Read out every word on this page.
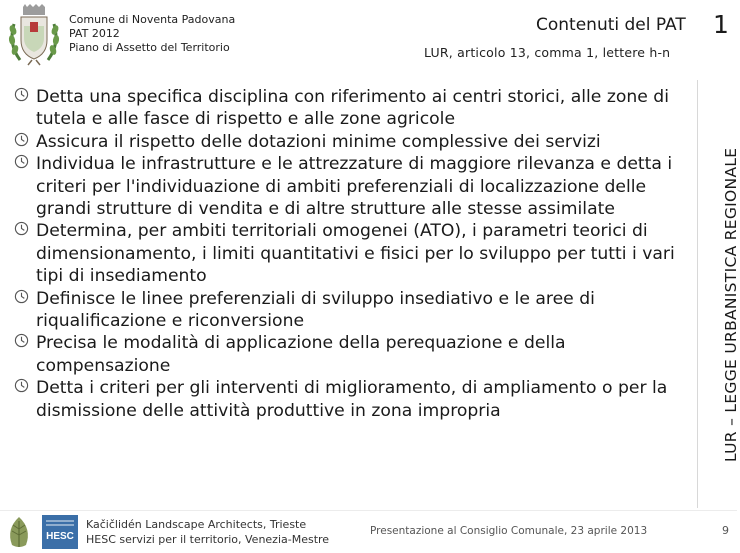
Comune di Noventa Padovana
PAT 2012
Piano di Assetto del Territorio
Contenuti del PAT 1
LUR, articolo 13, comma 1, lettere h-n
LUR – LEGGE URBANISTICA REGIONALE
Detta una specifica disciplina con riferimento ai centri storici, alle zone di tutela e alle fasce di rispetto e alle zone agricole
Assicura il rispetto delle dotazioni minime complessive dei servizi
Individua le infrastrutture e le attrezzature di maggiore rilevanza e detta i criteri per l'individuazione di ambiti preferenziali di localizzazione delle grandi strutture di vendita e di altre strutture alle stesse assimilate
Determina, per ambiti territoriali omogenei (ATO), i parametri teorici di dimensionamento, i limiti quantitativi e fisici per lo sviluppo per tutti i vari tipi di insediamento
Definisce le linee preferenziali di sviluppo insediativo e le aree di riqualificazione e riconversione
Precisa le modalità di applicazione della perequazione e della compensazione
Detta i criteri per gli interventi di miglioramento, di ampliamento o per la dismissione delle attività produttive in zona impropria
HESC
Kačičlidén Landscape Architects, Trieste
HESC servizi per il territorio, Venezia-Mestre
Presentazione al Consiglio Comunale, 23 aprile 2013	9
